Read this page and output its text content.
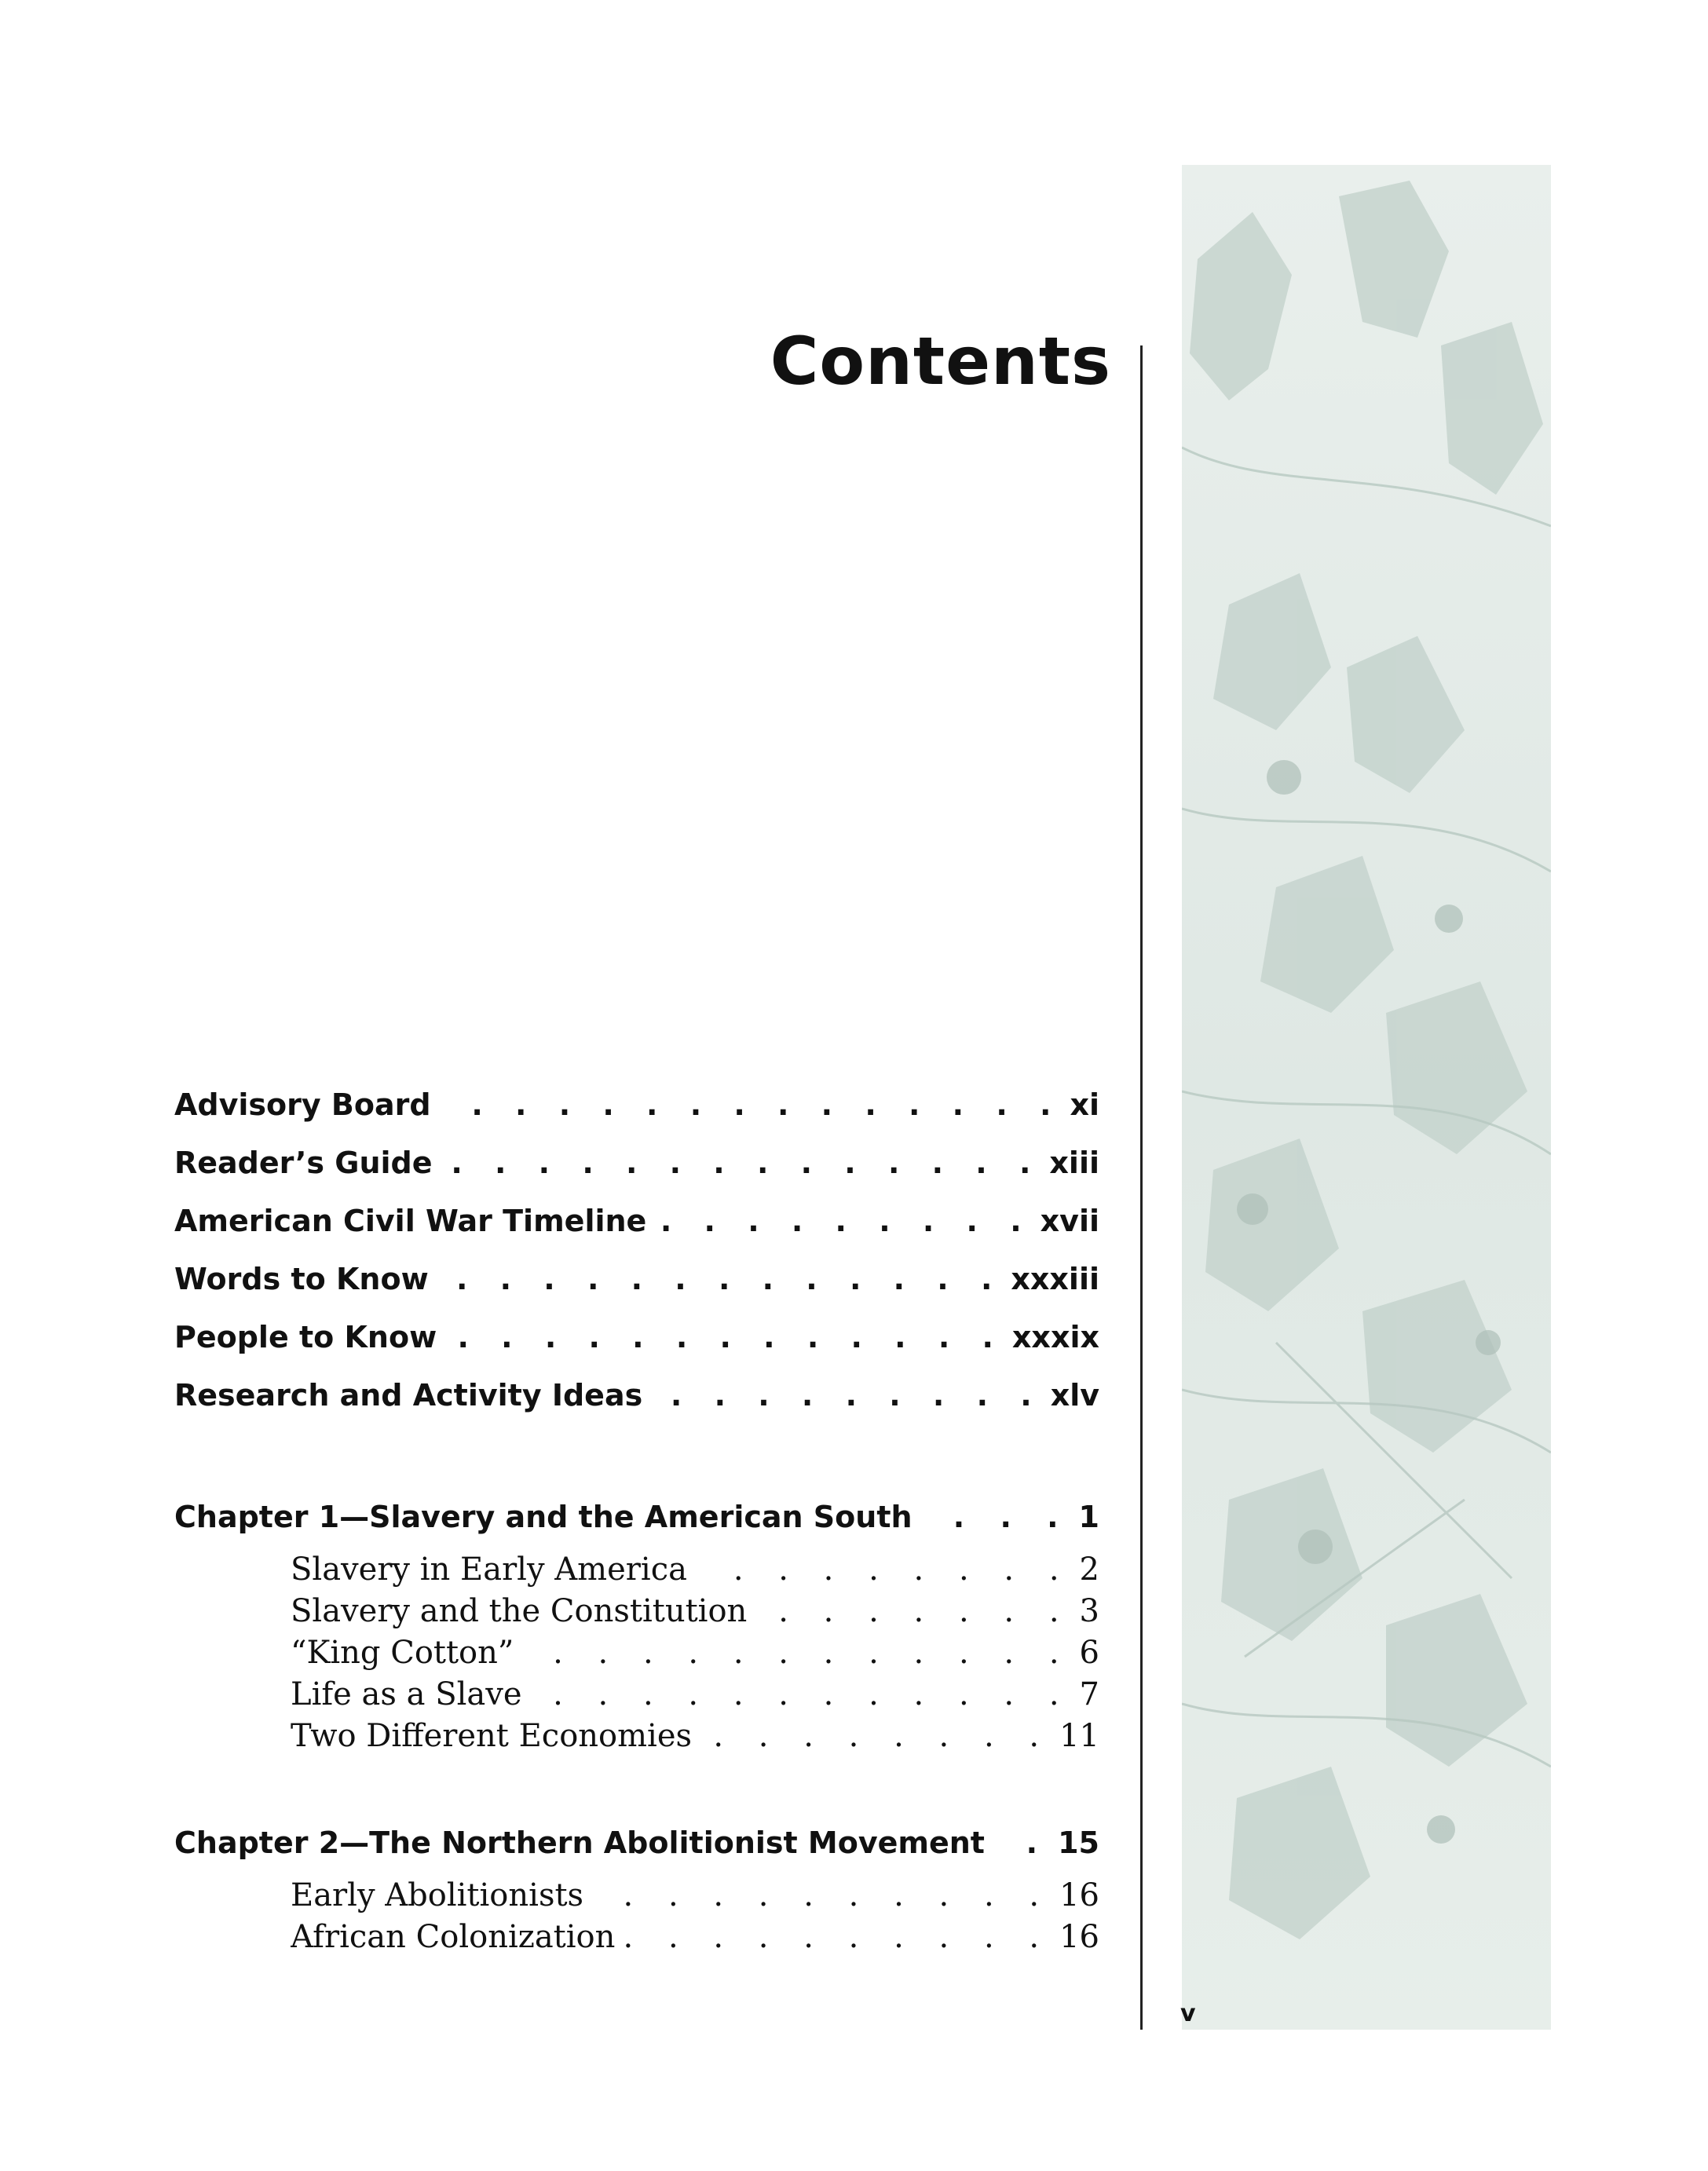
Contents
v
Advisory Board . . .	xi
Reader’s Guide . . .	xiii
American Civil War Timeline . . .	xvii
Words to Know . . .	xxxiii
People to Know . . .	xxxix
Research and Activity Ideas . . .	xlv
Chapter 1—Slavery and the American South . . .	1
Slavery in Early America . . .	2
Slavery and the Constitution . . .	3
“King Cotton” . . .	6
Life as a Slave . . .	7
Two Different Economies . . .	11
Chapter 2—The Northern Abolitionist Movement . . .	15
Early Abolitionists . . .	16
African Colonization . . .	16
